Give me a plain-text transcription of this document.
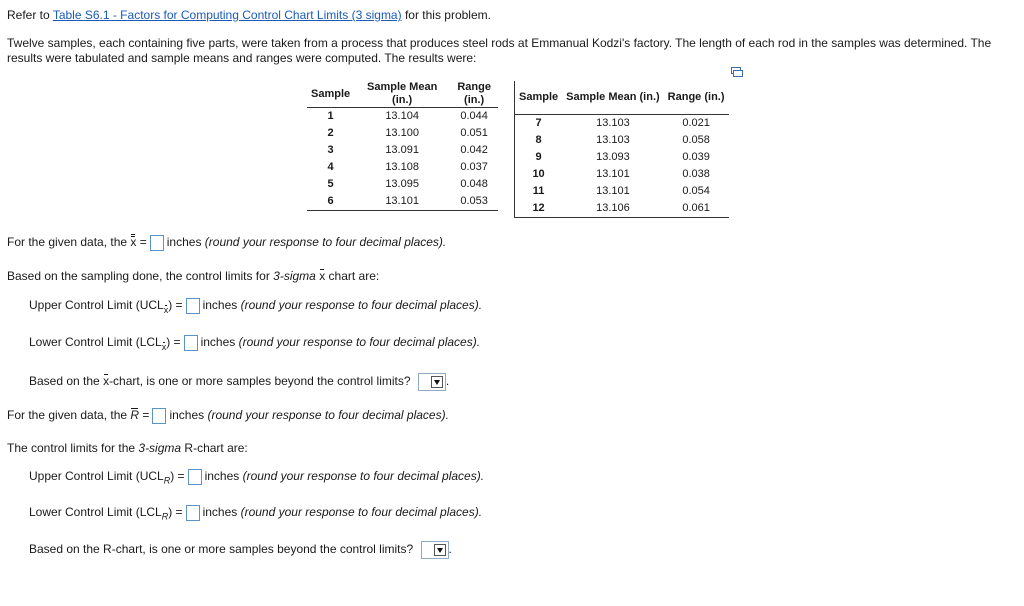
Refer to Table S6.1 - Factors for Computing Control Chart Limits (3 sigma) for this problem.
Twelve samples, each containing five parts, were taken from a process that produces steel rods at Emmanual Kodzi's factory. The length of each rod in the samples was determined. The results were tabulated and sample means and ranges were computed. The results were:
Sample	Sample Mean (in.)	Range (in.)
1	13.104	0.044
2	13.100	0.051
3	13.091	0.042
4	13.108	0.037
5	13.095	0.048
6	13.101	0.053
Sample	Sample Mean (in.)	Range (in.)
7	13.103	0.021
8	13.103	0.058
9	13.093	0.039
10	13.101	0.038
11	13.101	0.054
12	13.106	0.061
For the given data, the x = inches (round your response to four decimal places).
Based on the sampling done, the control limits for 3-sigma x chart are:
Upper Control Limit $(UCL_x)$ = inches (round your response to four decimal places).
Lower Control Limit $(LCL_x)$ = inches (round your response to four decimal places).
Based on the x-chart, is one or more samples beyond the control limits?	.
For the given data, the R = inches (round your response to four decimal places).
The control limits for the 3-sigma R-chart are:
Upper Control Limit $(UCL_R)$ = inches (round your response to four decimal places).
Lower Control Limit $(LCL_R)$ = inches (round your response to four decimal places).
Based on the R-chart, is one or more samples beyond the control limits?	.
